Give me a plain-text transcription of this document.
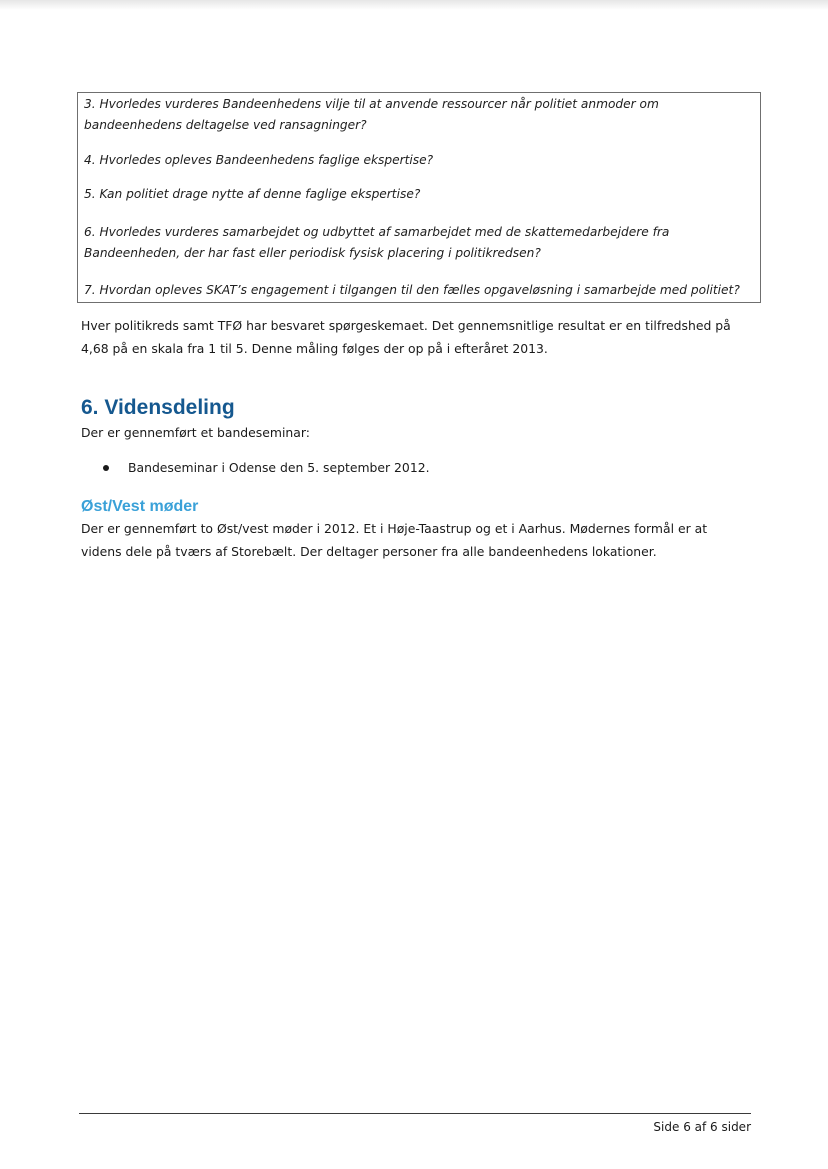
3. Hvorledes vurderes Bandeenhedens vilje til at anvende ressourcer når politiet anmoder om
bandeenhedens deltagelse ved ransagninger?
4. Hvorledes opleves Bandeenhedens faglige ekspertise?
5. Kan politiet drage nytte af denne faglige ekspertise?
6. Hvorledes vurderes samarbejdet og udbyttet af samarbejdet med de skattemedarbejdere fra
Bandeenheden, der har fast eller periodisk fysisk placering i politikredsen?
7. Hvordan opleves SKAT’s engagement i tilgangen til den fælles opgaveløsning i samarbejde med politiet?
Hver politikreds samt TFØ har besvaret spørgeskemaet. Det gennemsnitlige resultat er en tilfredshed på
4,68 på en skala fra 1 til 5. Denne måling følges der op på i efteråret 2013.
6. Vidensdeling
Der er gennemført et bandeseminar:
Bandeseminar i Odense den 5. september 2012.
Øst/Vest møder
Der er gennemført to Øst/vest møder i 2012. Et i Høje-Taastrup og et i Aarhus. Mødernes formål er at
videns dele på tværs af Storebælt. Der deltager personer fra alle bandeenhedens lokationer.
Side 6 af 6 sider
